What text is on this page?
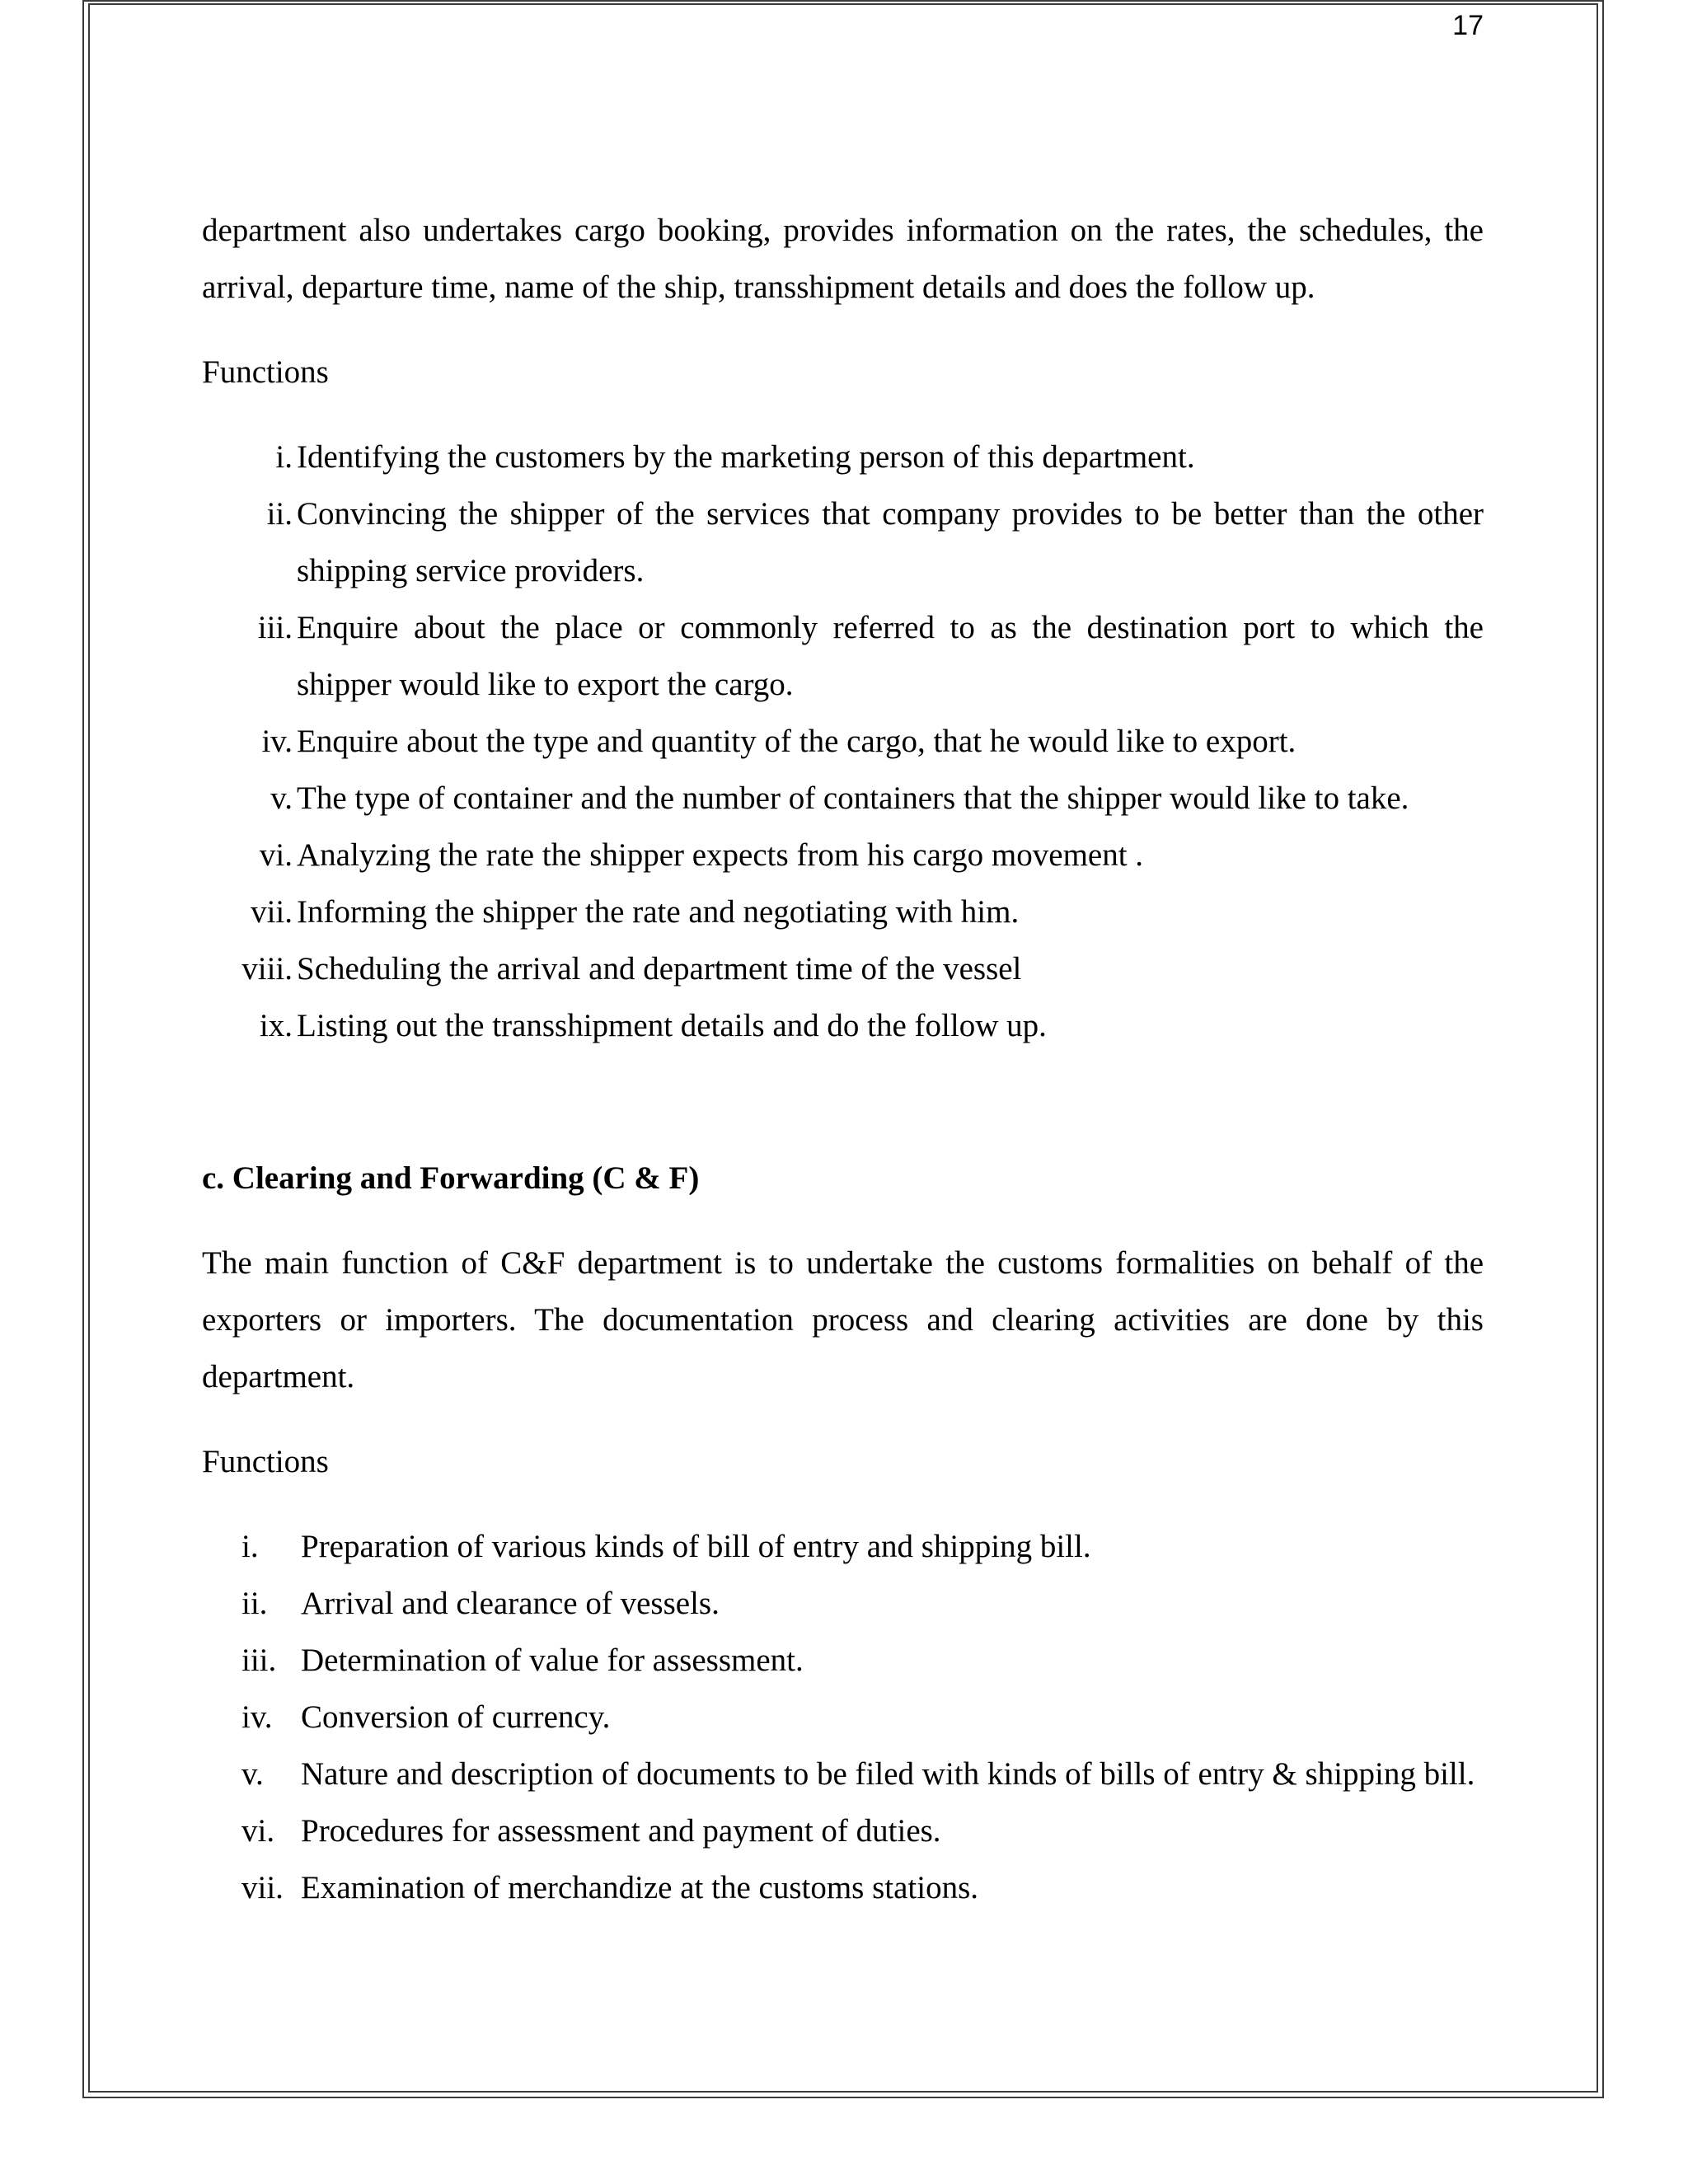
17

department also undertakes cargo booking, provides information on the rates, the schedules, the arrival, departure time, name of the ship, transshipment details and does the follow up.

Functions

i. Identifying the customers by the marketing person of this department.
ii. Convincing the shipper of the services that company provides to be better than the other shipping service providers.
iii. Enquire about the place or commonly referred to as the destination port to which the shipper would like to export the cargo.
iv. Enquire about the type and quantity of the cargo, that he would like to export.
v. The type of container and the number of containers that the shipper would like to take.
vi. Analyzing the rate the shipper expects from his cargo movement .
vii. Informing the shipper the rate and negotiating with him.
viii. Scheduling the arrival and department time of the vessel
ix. Listing out the transshipment details and do the follow up.

c. Clearing and Forwarding (C & F)

The main function of C&F department is to undertake the customs formalities on behalf of the exporters or importers. The documentation process and clearing activities are done by this department.

Functions

i. Preparation of various kinds of bill of entry and shipping bill.
ii. Arrival and clearance of vessels.
iii. Determination of value for assessment.
iv. Conversion of currency.
v. Nature and description of documents to be filed with kinds of bills of entry & shipping bill.
vi. Procedures for assessment and payment of duties.
vii. Examination of merchandize at the customs stations.
